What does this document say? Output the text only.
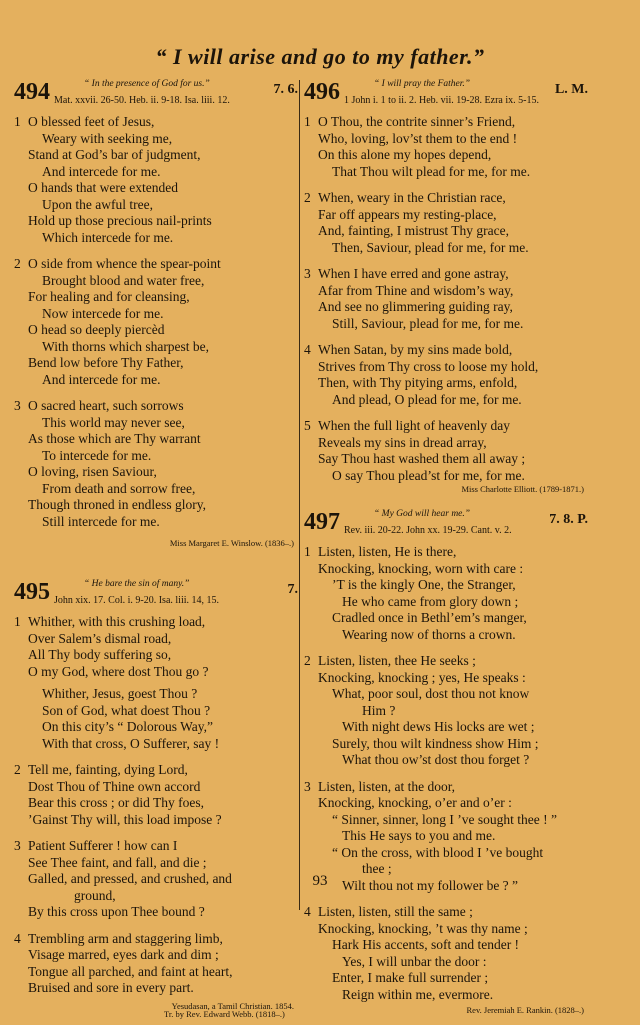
“ I will arise and go to my father.”
494	“ In the presence of God for us.”
Mat. xxvii. 26-50. Heb. ii. 9-18. Isa. liii. 12.
7. 6.
1 O blessed feet of Jesus,
Weary with seeking me,
Stand at God’s bar of judgment,
And intercede for me.
O hands that were extended
Upon the awful tree,
Hold up those precious nail-prints
Which intercede for me.
2 O side from whence the spear-point
Brought blood and water free,
For healing and for cleansing,
Now intercede for me.
O head so deeply piercèd
With thorns which sharpest be,
Bend low before Thy Father,
And intercede for me.
3 O sacred heart, such sorrows
This world may never see,
As those which are Thy warrant
To intercede for me.
O loving, risen Saviour,
From death and sorrow free,
Though throned in endless glory,
Still intercede for me.
Miss Margaret E. Winslow. (1836–.)
495	“ He bare the sin of many.”
John xix. 17. Col. i. 9-20. Isa. liii. 14, 15.
7.
1 Whither, with this crushing load,
Over Salem’s dismal road,
All Thy body suffering so,
O my God, where dost Thou go ?
Whither, Jesus, goest Thou ?
Son of God, what doest Thou ?
On this city’s “ Dolorous Way,”
With that cross, O Sufferer, say !
2 Tell me, fainting, dying Lord,
Dost Thou of Thine own accord
Bear this cross ; or did Thy foes,
’Gainst Thy will, this load impose ?
3 Patient Sufferer ! how can I
See Thee faint, and fall, and die ;
Galled, and pressed, and crushed, and
ground,
By this cross upon Thee bound ?
4 Trembling arm and staggering limb,
Visage marred, eyes dark and dim ;
Tongue all parched, and faint at heart,
Bruised and sore in every part.
Yesudasan, a Tamil Christian. 1854.
Tr. by Rev. Edward Webb. (1818–.)
496	“ I will pray the Father.”
1 John i. 1 to ii. 2. Heb. vii. 19-28. Ezra ix. 5-15.
L. M.
1 O Thou, the contrite sinner’s Friend,
Who, loving, lov’st them to the end !
On this alone my hopes depend,
That Thou wilt plead for me, for me.
2 When, weary in the Christian race,
Far off appears my resting-place,
And, fainting, I mistrust Thy grace,
Then, Saviour, plead for me, for me.
3 When I have erred and gone astray,
Afar from Thine and wisdom’s way,
And see no glimmering guiding ray,
Still, Saviour, plead for me, for me.
4 When Satan, by my sins made bold,
Strives from Thy cross to loose my hold,
Then, with Thy pitying arms, enfold,
And plead, O plead for me, for me.
5 When the full light of heavenly day
Reveals my sins in dread array,
Say Thou hast washed them all away ;
O say Thou plead’st for me, for me.
Miss Charlotte Elliott. (1789-1871.)
497	“ My God will hear me.”
Rev. iii. 20-22. John xx. 19-29. Cant. v. 2.
7. 8. P.
1 Listen, listen, He is there,
Knocking, knocking, worn with care :
’T is the kingly One, the Stranger,
He who came from glory down ;
Cradled once in Bethl’em’s manger,
Wearing now of thorns a crown.
2 Listen, listen, thee He seeks ;
Knocking, knocking ; yes, He speaks :
What, poor soul, dost thou not know
Him ?
With night dews His locks are wet ;
Surely, thou wilt kindness show Him ;
What thou ow’st dost thou forget ?
3 Listen, listen, at the door,
Knocking, knocking, o’er and o’er :
“ Sinner, sinner, long I ’ve sought thee ! ”
This He says to you and me.
“ On the cross, with blood I ’ve bought
thee ;
Wilt thou not my follower be ? ”
4 Listen, listen, still the same ;
Knocking, knocking, ’t was thy name ;
Hark His accents, soft and tender !
Yes, I will unbar the door :
Enter, I make full surrender ;
Reign within me, evermore.
Rev. Jeremiah E. Rankin. (1828–.)
93
